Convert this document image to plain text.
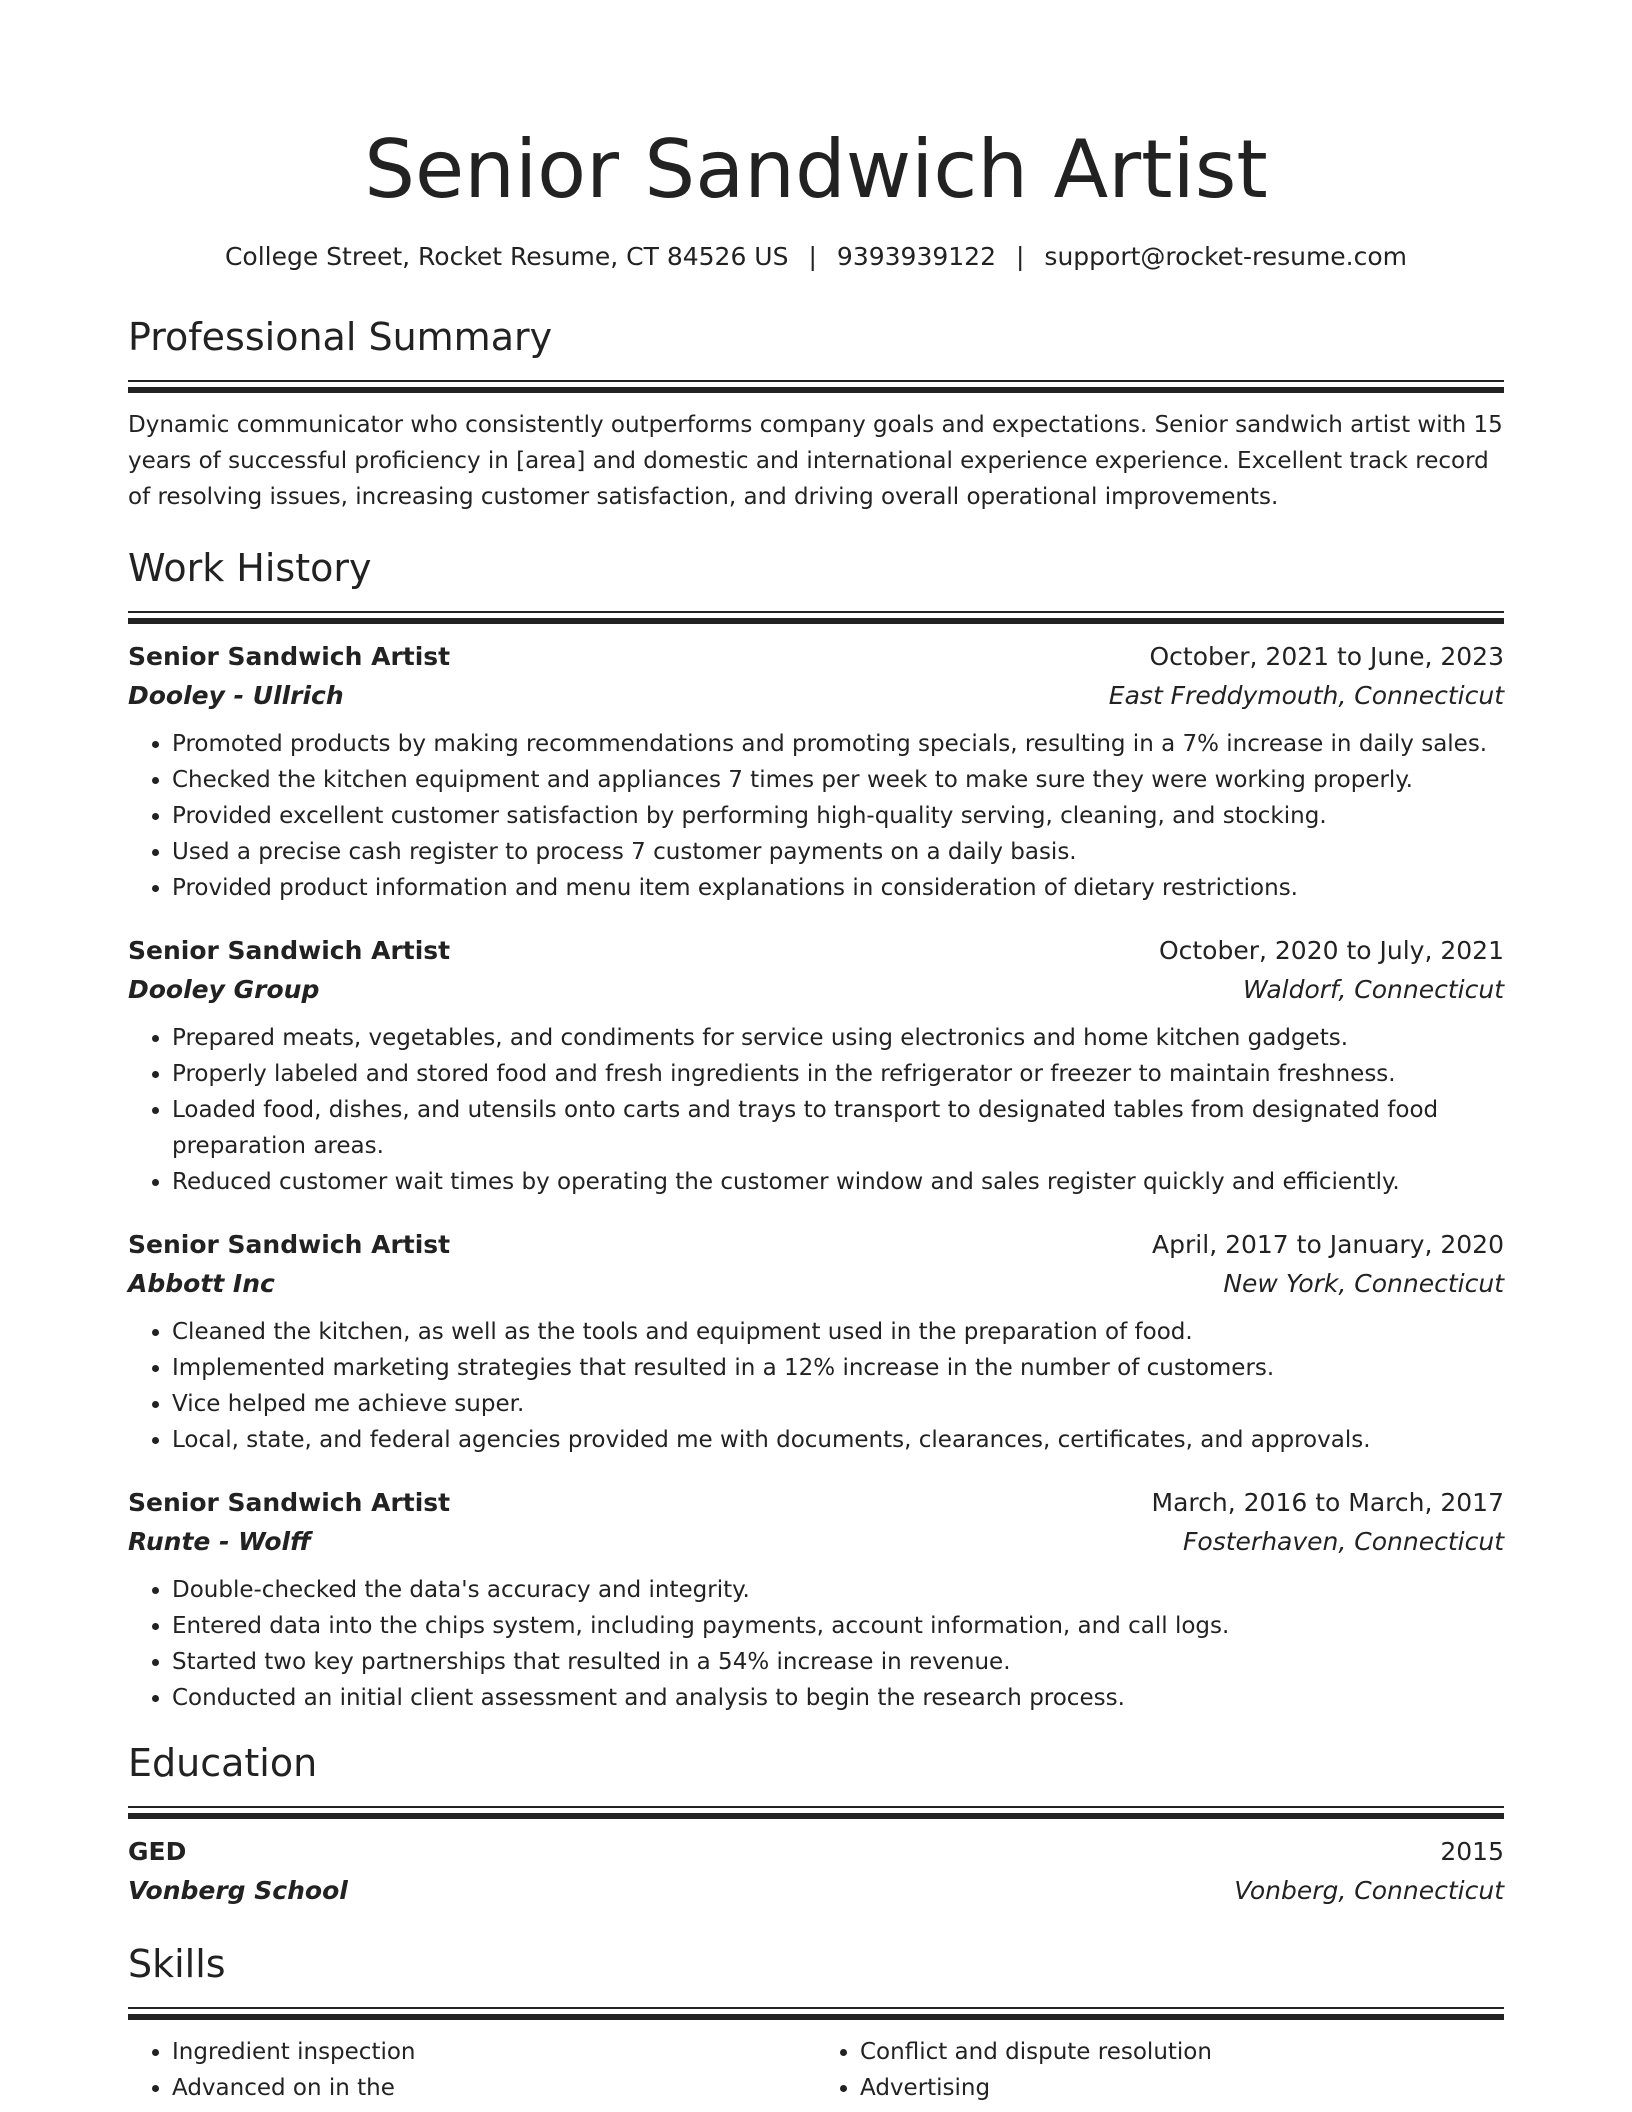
Senior Sandwich Artist
College Street, Rocket Resume, CT 84526 US | 9393939122 | support@rocket-resume.com
Professional Summary
Dynamic communicator who consistently outperforms company goals and expectations. Senior sandwich artist with 15 years of successful proficiency in [area] and domestic and international experience experience. Excellent track record of resolving issues, increasing customer satisfaction, and driving overall operational improvements.
Work History
Senior Sandwich Artist	October, 2021 to June, 2023
Dooley - Ullrich	East Freddymouth, Connecticut
• Promoted products by making recommendations and promoting specials, resulting in a 7% increase in daily sales.
• Checked the kitchen equipment and appliances 7 times per week to make sure they were working properly.
• Provided excellent customer satisfaction by performing high-quality serving, cleaning, and stocking.
• Used a precise cash register to process 7 customer payments on a daily basis.
• Provided product information and menu item explanations in consideration of dietary restrictions.
Senior Sandwich Artist	October, 2020 to July, 2021
Dooley Group	Waldorf, Connecticut
• Prepared meats, vegetables, and condiments for service using electronics and home kitchen gadgets.
• Properly labeled and stored food and fresh ingredients in the refrigerator or freezer to maintain freshness.
• Loaded food, dishes, and utensils onto carts and trays to transport to designated tables from designated food preparation areas.
• Reduced customer wait times by operating the customer window and sales register quickly and efficiently.
Senior Sandwich Artist	April, 2017 to January, 2020
Abbott Inc	New York, Connecticut
• Cleaned the kitchen, as well as the tools and equipment used in the preparation of food.
• Implemented marketing strategies that resulted in a 12% increase in the number of customers.
• Vice helped me achieve super.
• Local, state, and federal agencies provided me with documents, clearances, certificates, and approvals.
Senior Sandwich Artist	March, 2016 to March, 2017
Runte - Wolff	Fosterhaven, Connecticut
• Double-checked the data's accuracy and integrity.
• Entered data into the chips system, including payments, account information, and call logs.
• Started two key partnerships that resulted in a 54% increase in revenue.
• Conducted an initial client assessment and analysis to begin the research process.
Education
GED	2015
Vonberg School	Vonberg, Connecticut
Skills
• Ingredient inspection
• Advanced on in the
• Conflict and dispute resolution
• Advertising
